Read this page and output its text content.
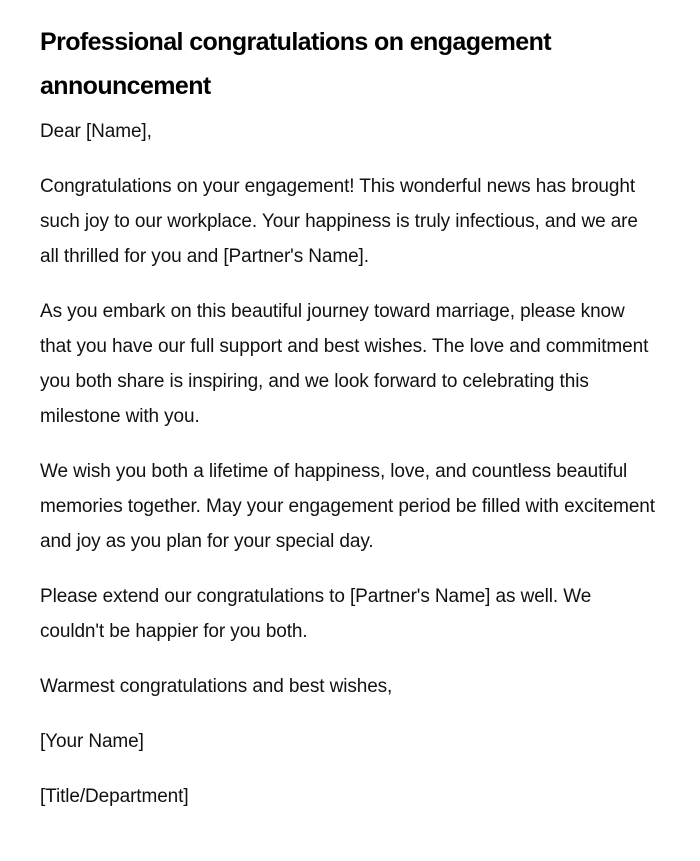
Professional congratulations on engagement announcement

Dear [Name],

Congratulations on your engagement! This wonderful news has brought such joy to our workplace. Your happiness is truly infectious, and we are all thrilled for you and [Partner's Name].

As you embark on this beautiful journey toward marriage, please know that you have our full support and best wishes. The love and commitment you both share is inspiring, and we look forward to celebrating this milestone with you.

We wish you both a lifetime of happiness, love, and countless beautiful memories together. May your engagement period be filled with excitement and joy as you plan for your special day.

Please extend our congratulations to [Partner's Name] as well. We couldn't be happier for you both.

Warmest congratulations and best wishes,

[Your Name]

[Title/Department]
